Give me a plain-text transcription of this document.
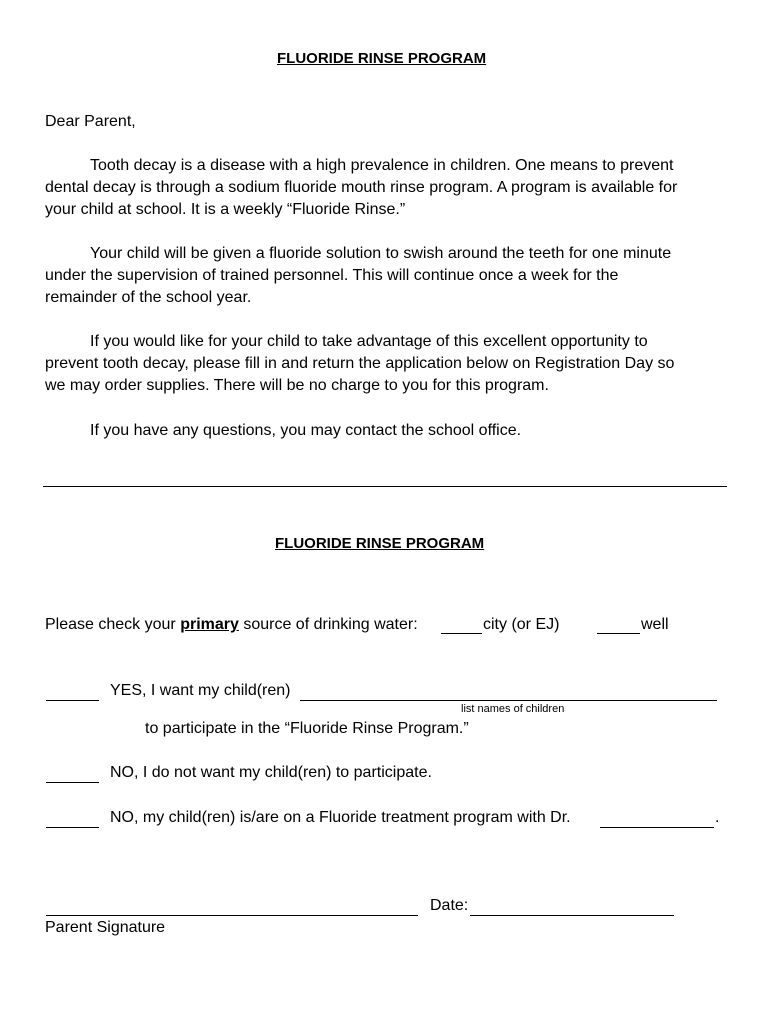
FLUORIDE RINSE PROGRAM
Dear Parent,
Tooth decay is a disease with a high prevalence in children. One means to prevent
dental decay is through a sodium fluoride mouth rinse program. A program is available for
your child at school. It is a weekly “Fluoride Rinse.”
Your child will be given a fluoride solution to swish around the teeth for one minute
under the supervision of trained personnel. This will continue once a week for the
remainder of the school year.
If you would like for your child to take advantage of this excellent opportunity to
prevent tooth decay, please fill in and return the application below on Registration Day so
we may order supplies. There will be no charge to you for this program.
If you have any questions, you may contact the school office.
FLUORIDE RINSE PROGRAM
Please check your primary source of drinking water:	city (or EJ)	well
YES, I want my child(ren)
list names of children
to participate in the “Fluoride Rinse Program.”
NO, I do not want my child(ren) to participate.
NO, my child(ren) is/are on a Fluoride treatment program with Dr.	.
Date:
Parent Signature
